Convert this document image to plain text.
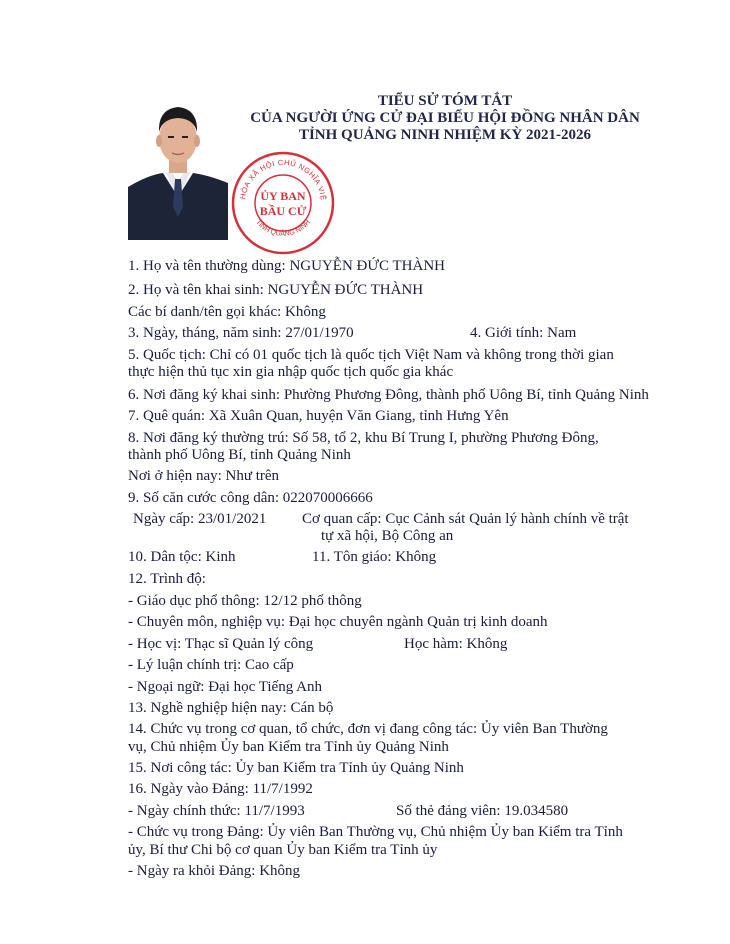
TIỂU SỬ TÓM TẮT
CỦA NGƯỜI ỨNG CỬ ĐẠI BIỂU HỘI ĐỒNG NHÂN DÂN
TỈNH QUẢNG NINH NHIỆM KỲ 2021-2026
HÒA XÃ HỘI CHỦ NGHĨA VIỆ
TỈNH QUẢNG NINH
ỦY BAN
BẦU CỬ
1. Họ và tên thường dùng: NGUYỄN ĐỨC THÀNH
2. Họ và tên khai sinh: NGUYỄN ĐỨC THÀNH
Các bí danh/tên gọi khác: Không
3. Ngày, tháng, năm sinh: 27/01/1970	4. Giới tính: Nam
5. Quốc tịch: Chỉ có 01 quốc tịch là quốc tịch Việt Nam và không trong thời gian
thực hiện thủ tục xin gia nhập quốc tịch quốc gia khác
6. Nơi đăng ký khai sinh: Phường Phương Đông, thành phố Uông Bí, tỉnh Quảng Ninh
7. Quê quán: Xã Xuân Quan, huyện Văn Giang, tỉnh Hưng Yên
8. Nơi đăng ký thường trú: Số 58, tổ 2, khu Bí Trung I, phường Phương Đông,
thành phố Uông Bí, tỉnh Quảng Ninh
Nơi ở hiện nay: Như trên
9. Số căn cước công dân: 022070006666
Ngày cấp: 23/01/2021 Cơ quan cấp: Cục Cảnh sát Quản lý hành chính về trật
tự xã hội, Bộ Công an
10. Dân tộc: Kinh	11. Tôn giáo: Không
12. Trình độ:
- Giáo dục phổ thông: 12/12 phổ thông
- Chuyên môn, nghiệp vụ: Đại học chuyên ngành Quản trị kinh doanh
- Học vị: Thạc sĩ Quản lý công	Học hàm: Không
- Lý luận chính trị: Cao cấp
- Ngoại ngữ: Đại học Tiếng Anh
13. Nghề nghiệp hiện nay: Cán bộ
14. Chức vụ trong cơ quan, tổ chức, đơn vị đang công tác: Ủy viên Ban Thường
vụ, Chủ nhiệm Ủy ban Kiểm tra Tỉnh ủy Quảng Ninh
15. Nơi công tác: Ủy ban Kiểm tra Tỉnh ủy Quảng Ninh
16. Ngày vào Đảng: 11/7/1992
- Ngày chính thức: 11/7/1993	Số thẻ đảng viên: 19.034580
- Chức vụ trong Đảng: Ủy viên Ban Thường vụ, Chủ nhiệm Ủy ban Kiểm tra Tỉnh
ủy, Bí thư Chi bộ cơ quan Ủy ban Kiểm tra Tỉnh ủy
- Ngày ra khỏi Đảng: Không
